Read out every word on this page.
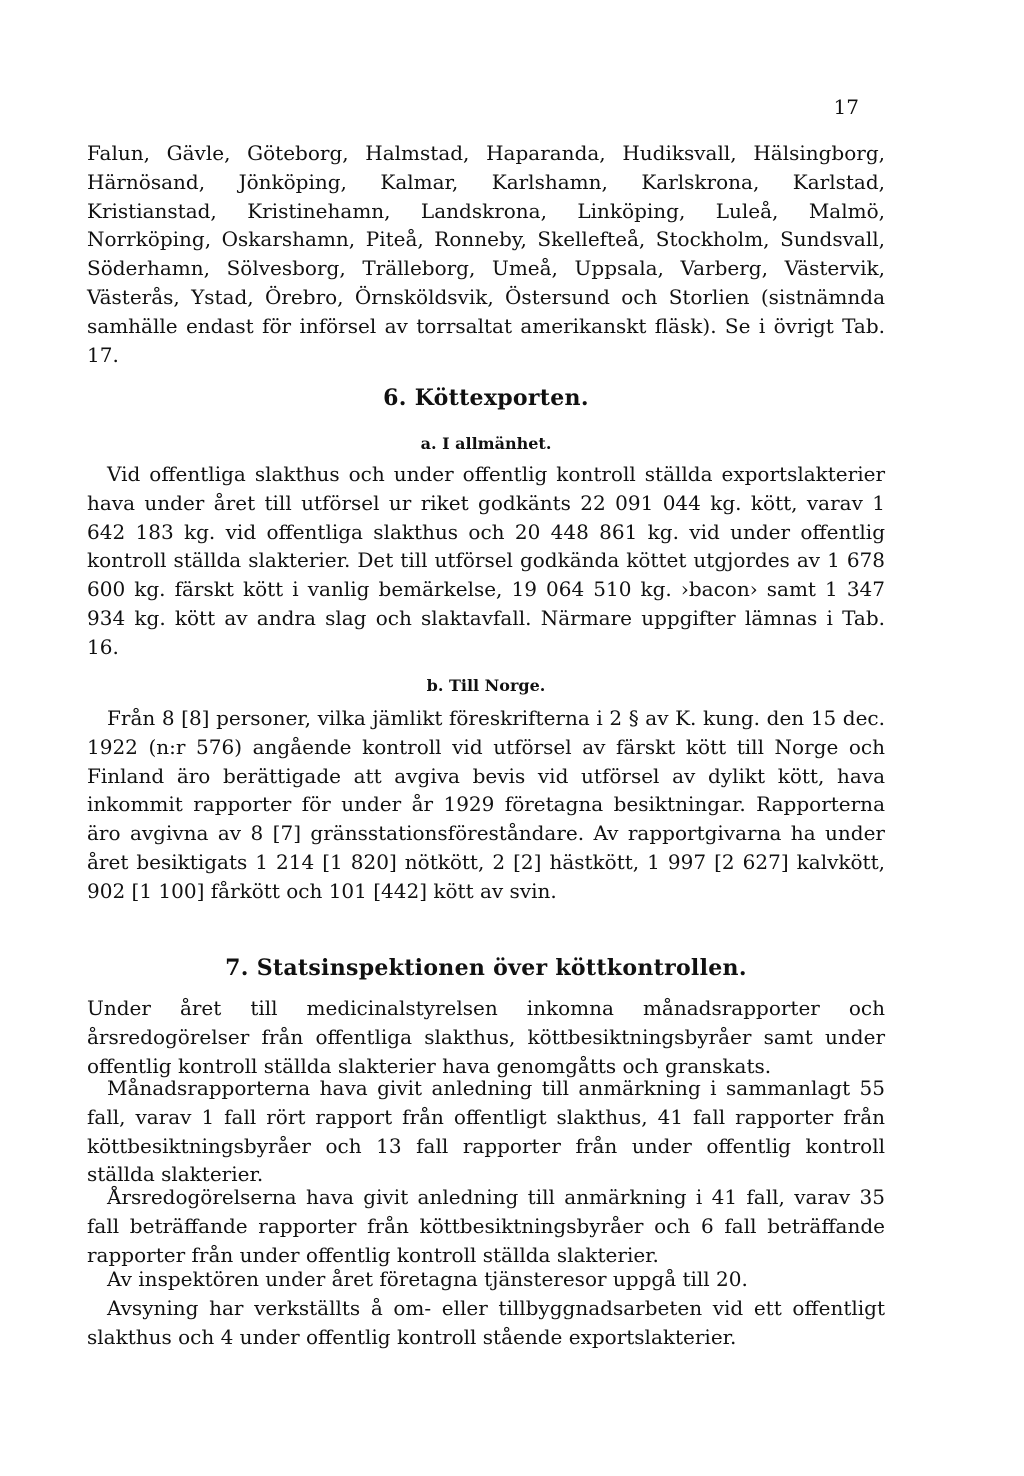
17

Falun, Gävle, Göteborg, Halmstad, Haparanda, Hudiksvall, Hälsingborg, Härnösand, Jönköping, Kalmar, Karlshamn, Karlskrona, Karlstad, Kristianstad, Kristinehamn, Landskrona, Linköping, Luleå, Malmö, Norrköping, Oskarshamn, Piteå, Ronneby, Skellefteå, Stockholm, Sundsvall, Söderhamn, Sölvesborg, Trälleborg, Umeå, Uppsala, Varberg, Västervik, Västerås, Ystad, Örebro, Örnsköldsvik, Östersund och Storlien (sistnämnda samhälle endast för införsel av torrsaltat amerikanskt fläsk). Se i övrigt Tab. 17.

6. Köttexporten.
a. I allmänhet.

Vid offentliga slakthus och under offentlig kontroll ställda exportslakterier hava under året till utförsel ur riket godkänts 22 091 044 kg. kött, varav 1 642 183 kg. vid offentliga slakthus och 20 448 861 kg. vid under offentlig kontroll ställda slakterier. Det till utförsel godkända köttet utgjordes av 1 678 600 kg. färskt kött i vanlig bemärkelse, 19 064 510 kg. ›bacon› samt 1 347 934 kg. kött av andra slag och slaktavfall. Närmare uppgifter lämnas i Tab. 16.

b. Till Norge.

Från 8 [8] personer, vilka jämlikt föreskrifterna i 2 § av K. kung. den 15 dec. 1922 (n:r 576) angående kontroll vid utförsel av färskt kött till Norge och Finland äro berättigade att avgiva bevis vid utförsel av dylikt kött, hava inkommit rapporter för under år 1929 företagna besiktningar. Rapporterna äro avgivna av 8 [7] gränsstationsföreståndare. Av rapportgivarna ha under året besiktigats 1 214 [1 820] nötkött, 2 [2] hästkött, 1 997 [2 627] kalvkött, 902 [1 100] fårkött och 101 [442] kött av svin.

7. Statsinspektionen över köttkontrollen.

Under året till medicinalstyrelsen inkomna månadsrapporter och årsredogörelser från offentliga slakthus, köttbesiktningsbyråer samt under offentlig kontroll ställda slakterier hava genomgåtts och granskats.

Månadsrapporterna hava givit anledning till anmärkning i sammanlagt 55 fall, varav 1 fall rört rapport från offentligt slakthus, 41 fall rapporter från köttbesiktningsbyråer och 13 fall rapporter från under offentlig kontroll ställda slakterier.

Årsredogörelserna hava givit anledning till anmärkning i 41 fall, varav 35 fall beträffande rapporter från köttbesiktningsbyråer och 6 fall beträffande rapporter från under offentlig kontroll ställda slakterier.

Av inspektören under året företagna tjänsteresor uppgå till 20.

Avsyning har verkställts å om- eller tillbyggnadsarbeten vid ett offentligt slakthus och 4 under offentlig kontroll stående exportslakterier.
